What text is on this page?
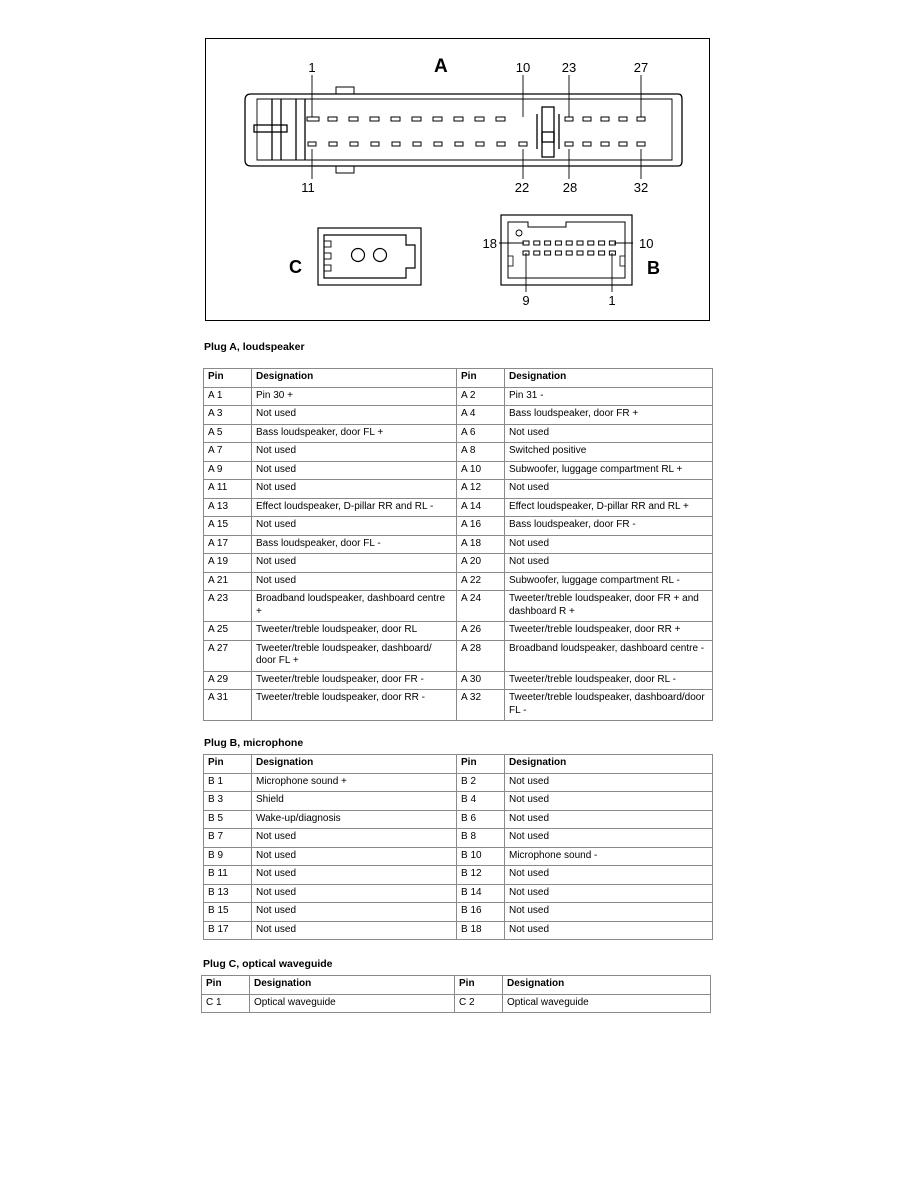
A
1	10 23	27
11	22	28	32
C
18	10
9	1
B
Plug A, loudspeaker
Pin	Designation	Pin	Designation
A 1	Pin 30 +	A 2	Pin 31 -
A 3	Not used	A 4	Bass loudspeaker, door FR +
A 5	Bass loudspeaker, door FL +	A 6	Not used
A 7	Not used	A 8	Switched positive
A 9	Not used	A 10	Subwoofer, luggage compartment RL +
A 11	Not used	A 12	Not used
A 13	Effect loudspeaker, D-pillar RR and RL -	A 14	Effect loudspeaker, D-pillar RR and RL +
A 15	Not used	A 16	Bass loudspeaker, door FR -
A 17	Bass loudspeaker, door FL -	A 18	Not used
A 19	Not used	A 20	Not used
A 21	Not used	A 22	Subwoofer, luggage compartment RL -
A 23	Broadband loudspeaker, dashboard centre +	A 24	Tweeter/treble loudspeaker, door FR + and dashboard R +
A 25	Tweeter/treble loudspeaker, door RL	A 26	Tweeter/treble loudspeaker, door RR +
A 27	Tweeter/treble loudspeaker, dashboard/ door FL +	A 28	Broadband loudspeaker, dashboard centre -
A 29	Tweeter/treble loudspeaker, door FR -	A 30	Tweeter/treble loudspeaker, door RL -
A 31	Tweeter/treble loudspeaker, door RR -	A 32	Tweeter/treble loudspeaker, dashboard/door FL -
Plug B, microphone
Pin	Designation	Pin	Designation
B 1	Microphone sound +	B 2	Not used
B 3	Shield	B 4	Not used
B 5	Wake-up/diagnosis	B 6	Not used
B 7	Not used	B 8	Not used
B 9	Not used	B 10	Microphone sound -
B 11	Not used	B 12	Not used
B 13	Not used	B 14	Not used
B 15	Not used	B 16	Not used
B 17	Not used	B 18	Not used
Plug C, optical waveguide
Pin	Designation	Pin	Designation
C 1	Optical waveguide	C 2	Optical waveguide
